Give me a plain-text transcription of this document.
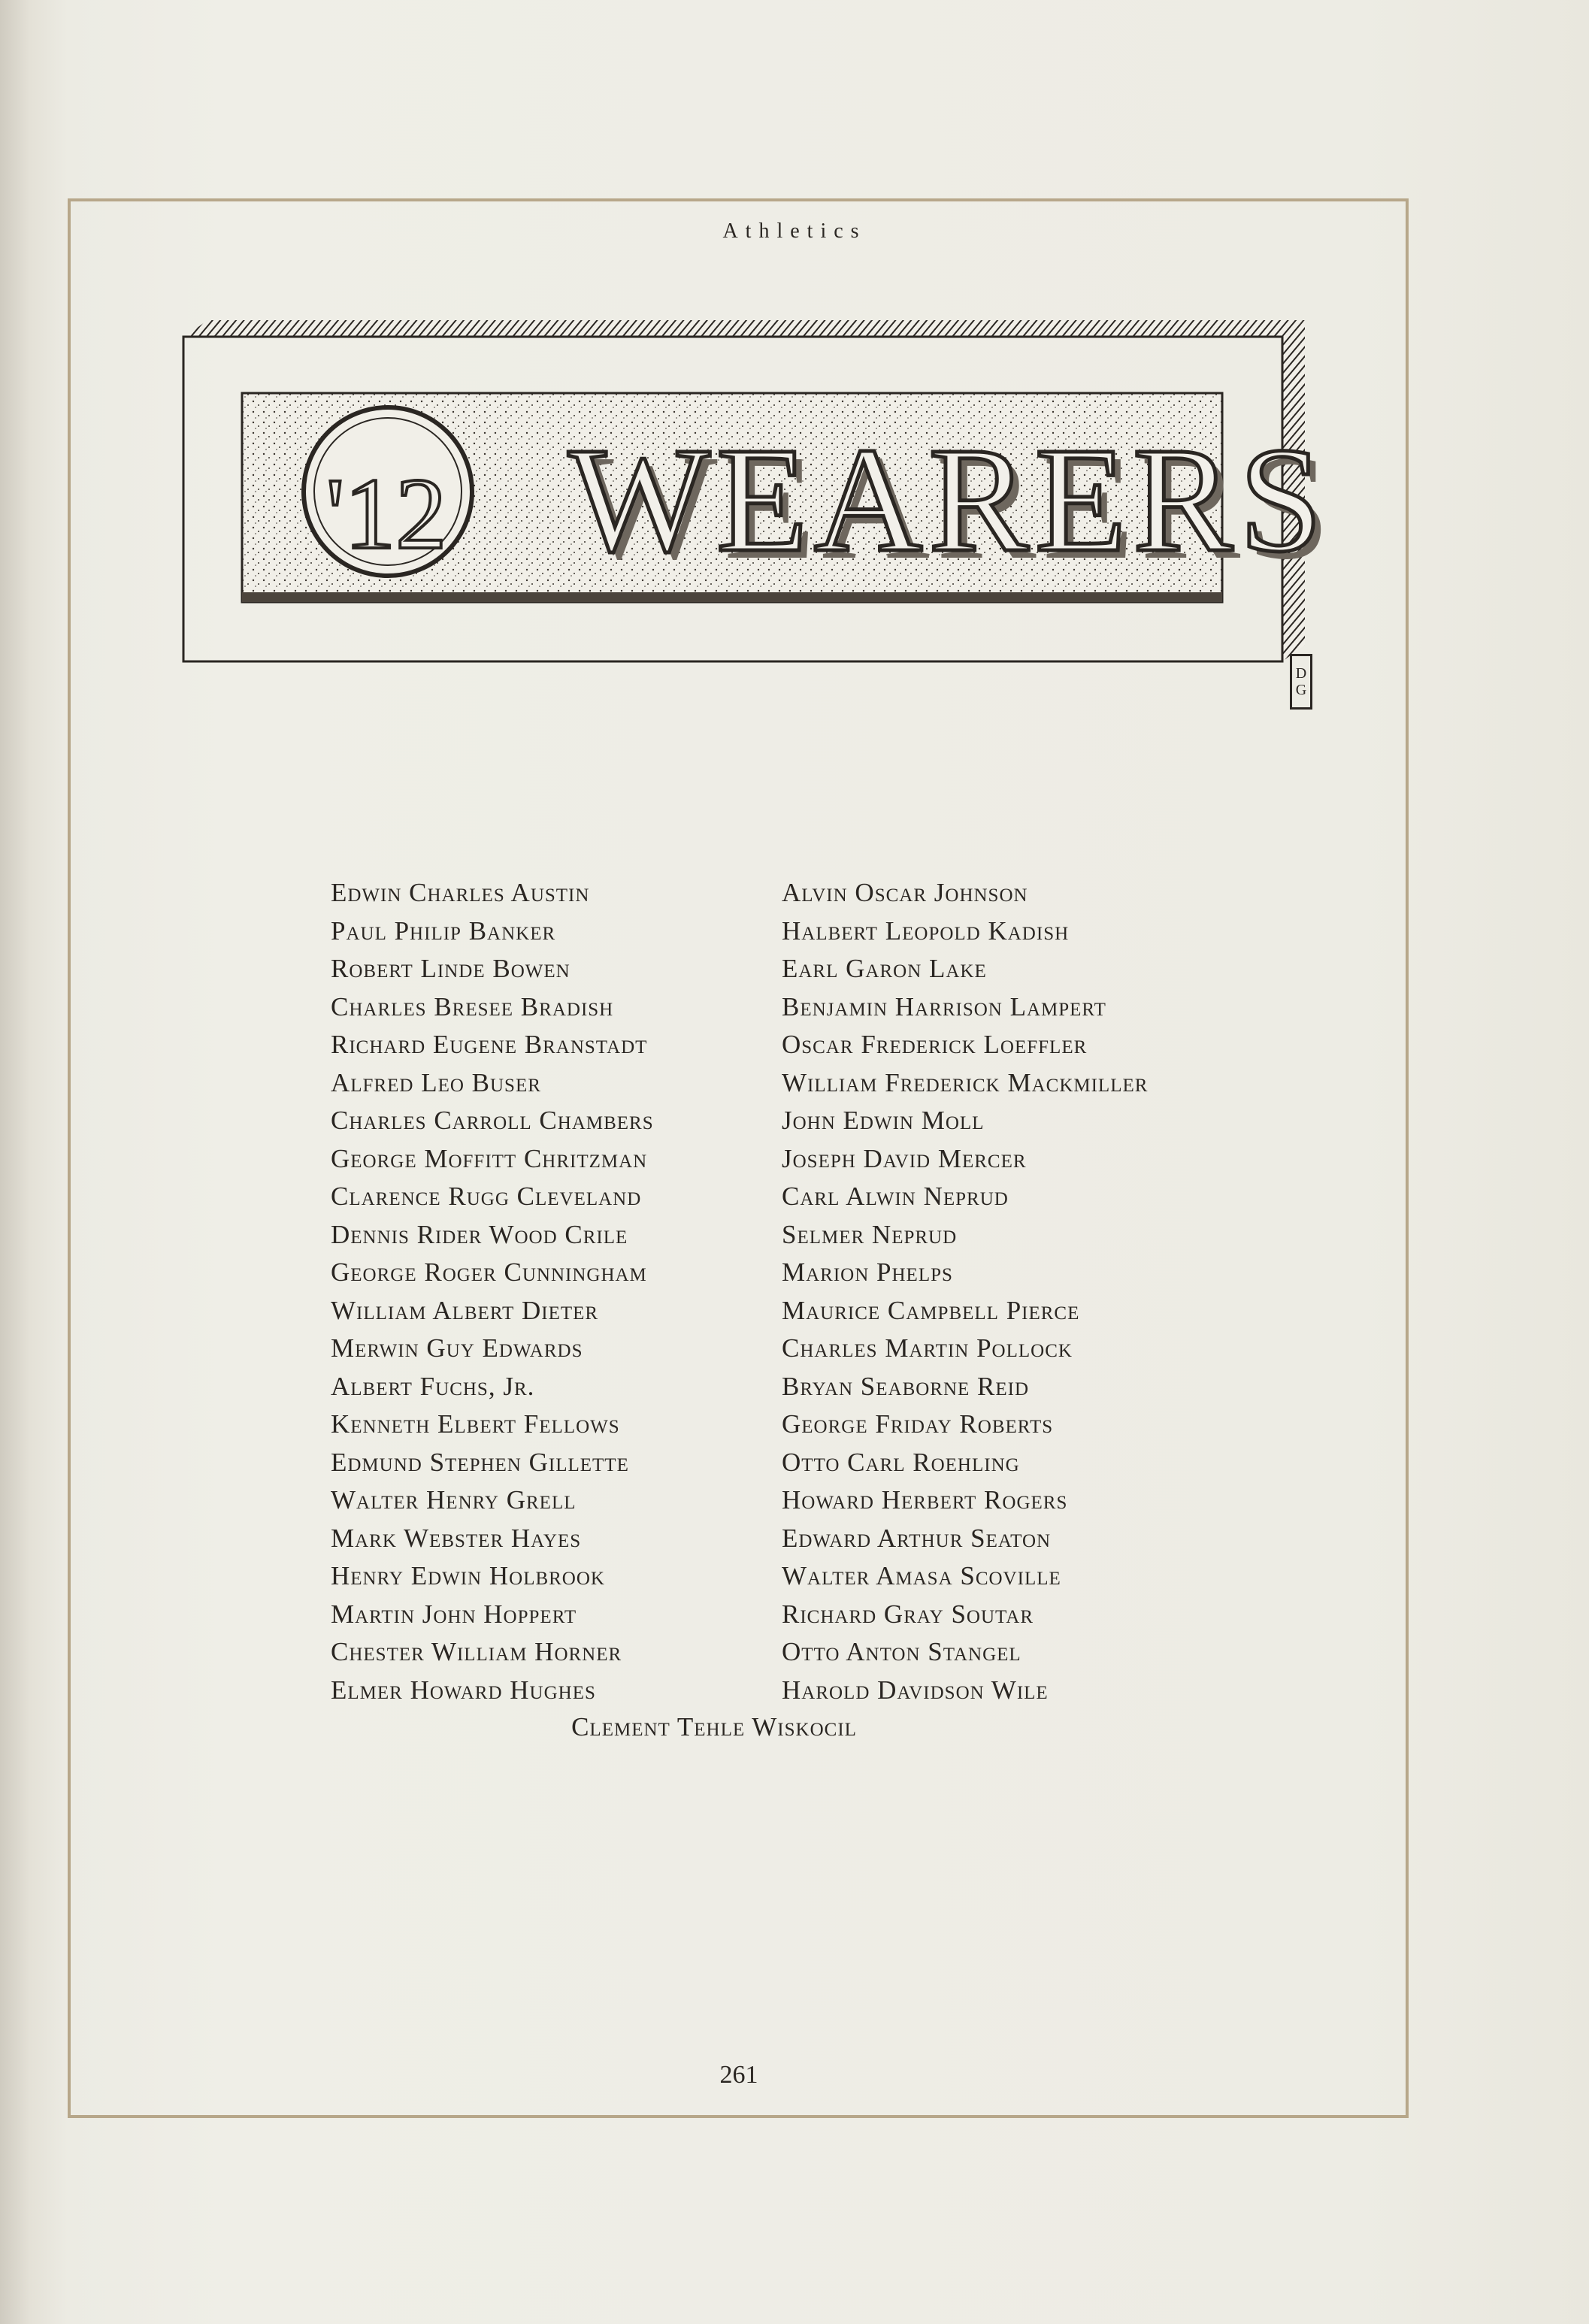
Athletics
'12 WEARERS
D
G
Edwin Charles Austin
Paul Philip Banker
Robert Linde Bowen
Charles Bresee Bradish
Richard Eugene Branstadt
Alfred Leo Buser
Charles Carroll Chambers
George Moffitt Chritzman
Clarence Rugg Cleveland
Dennis Rider Wood Crile
George Roger Cunningham
William Albert Dieter
Merwin Guy Edwards
Albert Fuchs, Jr.
Kenneth Elbert Fellows
Edmund Stephen Gillette
Walter Henry Grell
Mark Webster Hayes
Henry Edwin Holbrook
Martin John Hoppert
Chester William Horner
Elmer Howard Hughes
Alvin Oscar Johnson
Halbert Leopold Kadish
Earl Garon Lake
Benjamin Harrison Lampert
Oscar Frederick Loeffler
William Frederick Mackmiller
John Edwin Moll
Joseph David Mercer
Carl Alwin Neprud
Selmer Neprud
Marion Phelps
Maurice Campbell Pierce
Charles Martin Pollock
Bryan Seaborne Reid
George Friday Roberts
Otto Carl Roehling
Howard Herbert Rogers
Edward Arthur Seaton
Walter Amasa Scoville
Richard Gray Soutar
Otto Anton Stangel
Harold Davidson Wile
Clement Tehle Wiskocil
261
